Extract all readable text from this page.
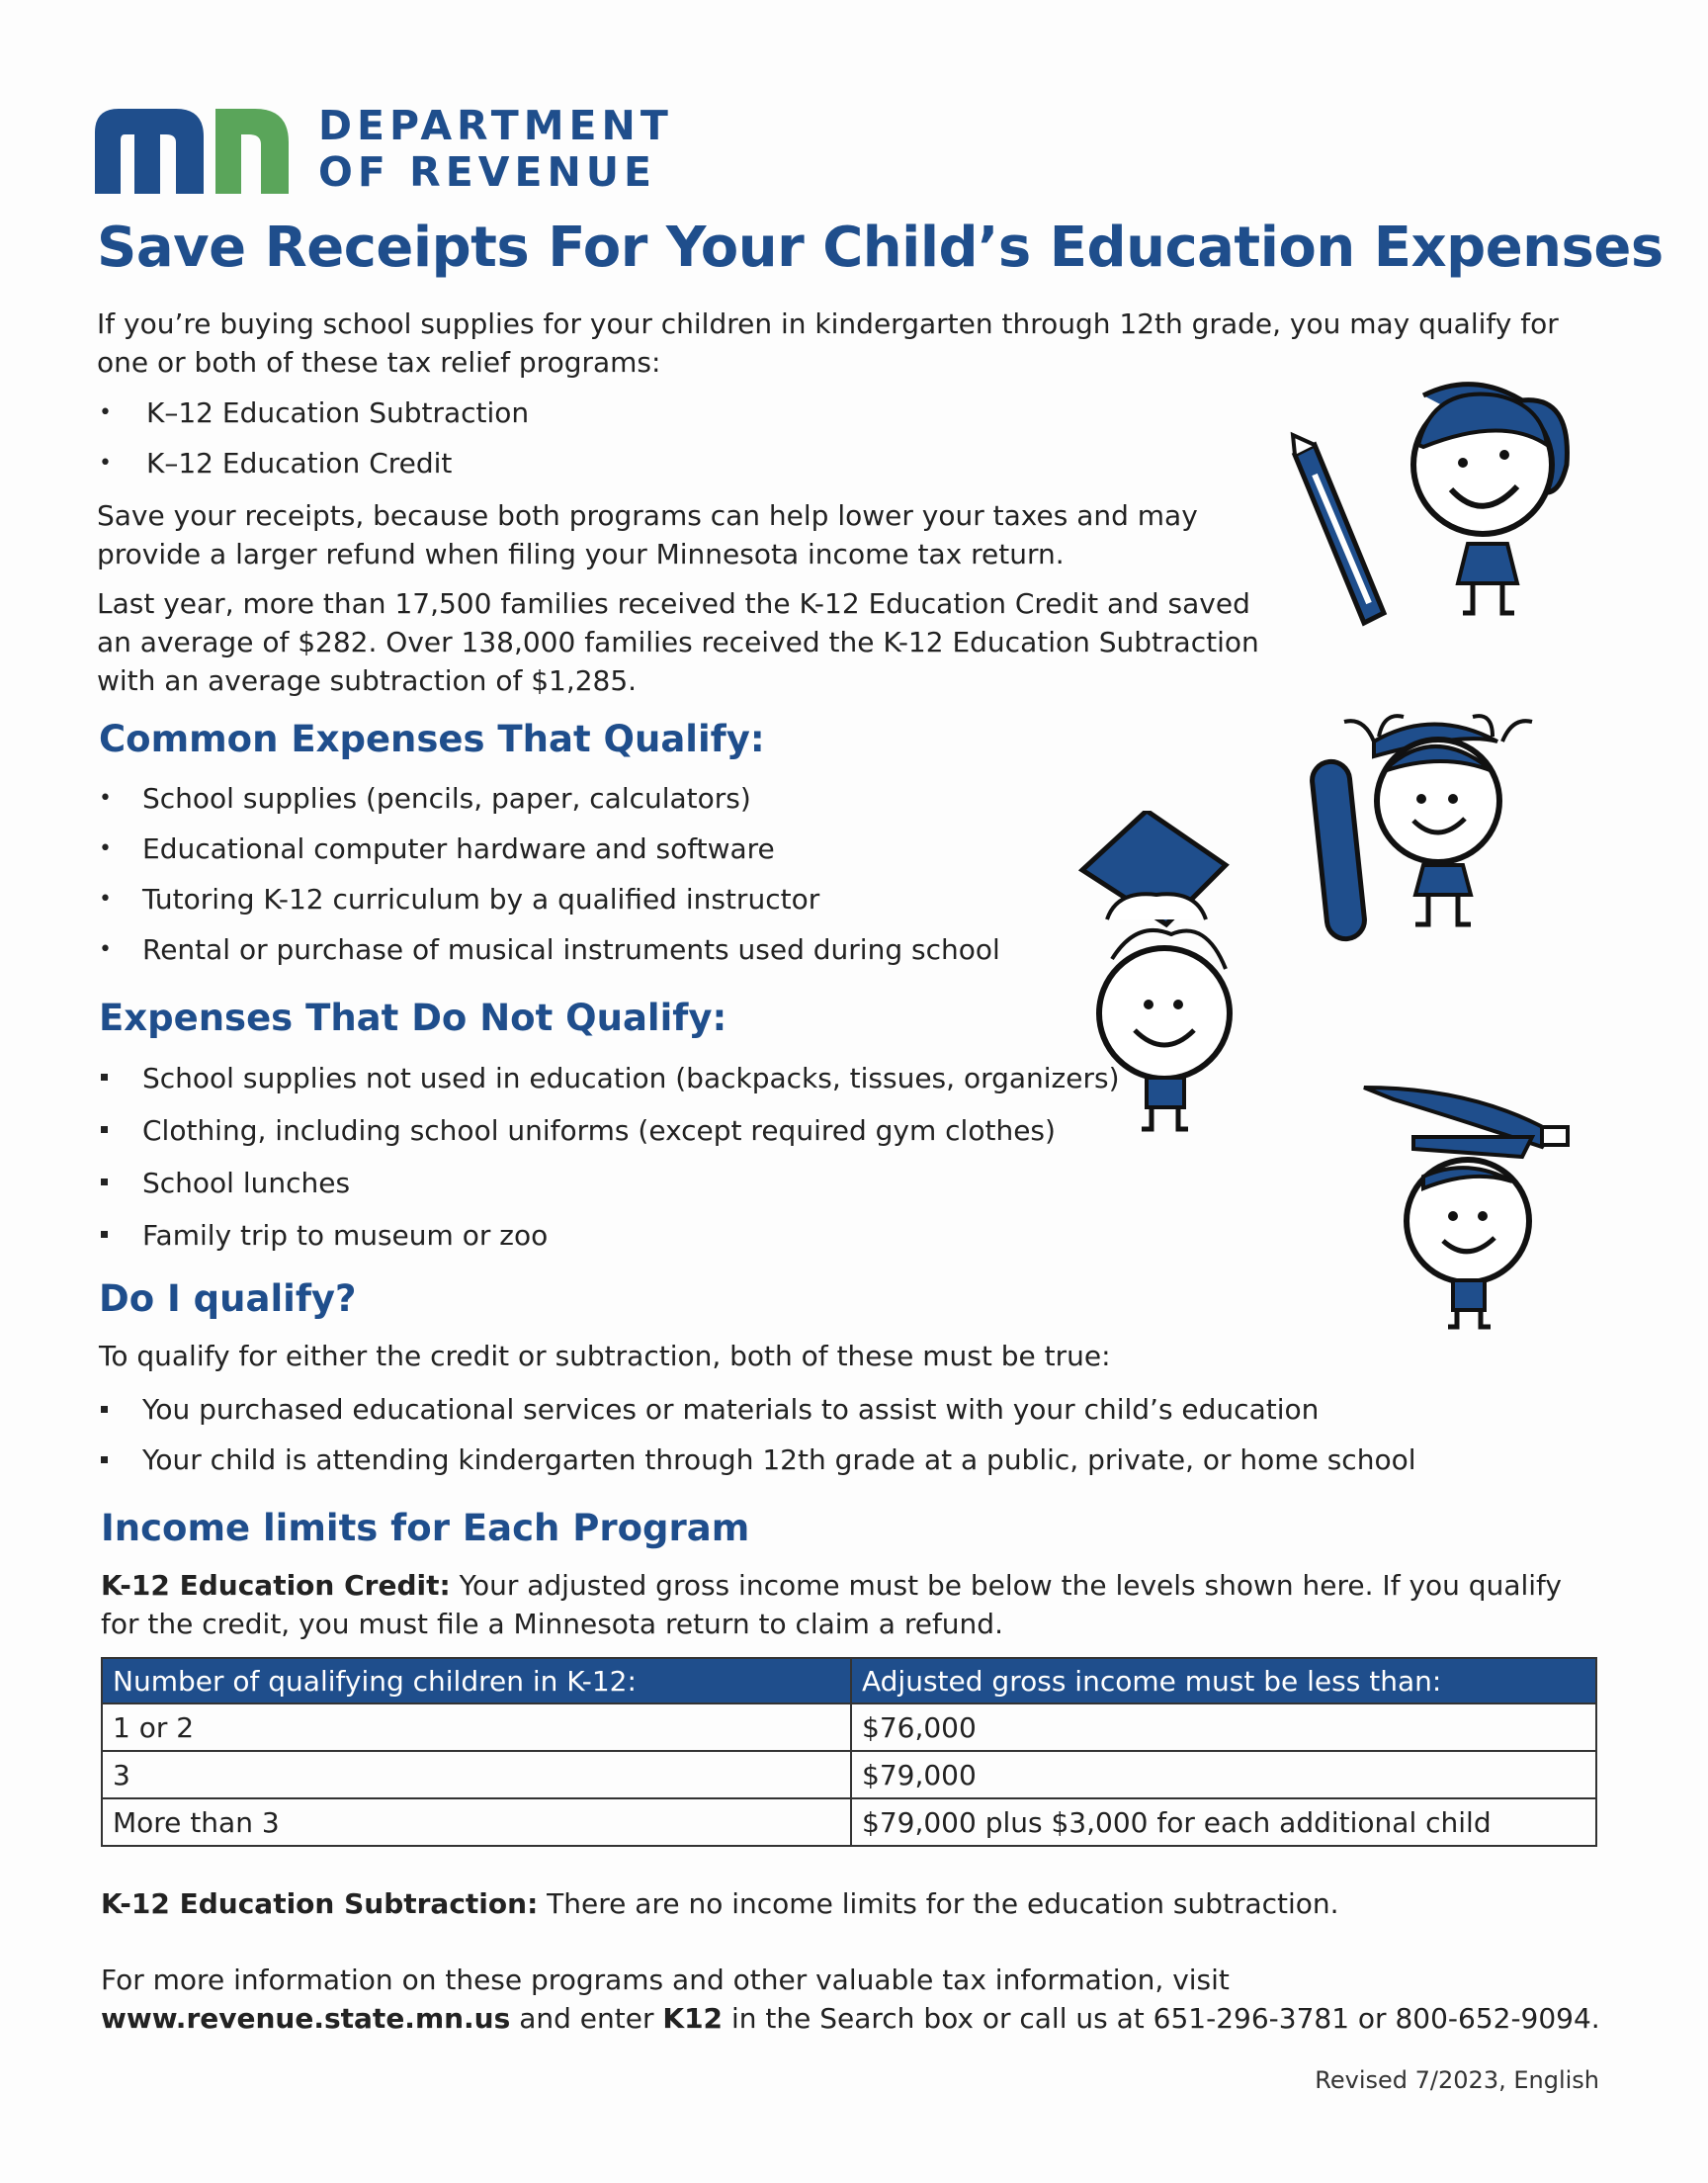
DEPARTMENT
OF REVENUE
Save Receipts For Your Child’s Education Expenses
If you’re buying school supplies for your children in kindergarten through 12th grade, you may qualify for one or both of these tax relief programs:
• K–12 Education Subtraction
• K–12 Education Credit
Save your receipts, because both programs can help lower your taxes and may provide a larger refund when filing your Minnesota income tax return.
Last year, more than 17,500 families received the K-12 Education Credit and saved an average of $282. Over 138,000 families received the K-12 Education Subtraction with an average subtraction of $1,285.
Common Expenses That Qualify:
• School supplies (pencils, paper, calculators)
• Educational computer hardware and software
• Tutoring K-12 curriculum by a qualified instructor
• Rental or purchase of musical instruments used during school
Expenses That Do Not Qualify:
School supplies not used in education (backpacks, tissues, organizers)
Clothing, including school uniforms (except required gym clothes)
School lunches
Family trip to museum or zoo
Do I qualify?
To qualify for either the credit or subtraction, both of these must be true:
You purchased educational services or materials to assist with your child’s education
Your child is attending kindergarten through 12th grade at a public, private, or home school
Income limits for Each Program
K-12 Education Credit: Your adjusted gross income must be below the levels shown here. If you qualify for the credit, you must file a Minnesota return to claim a refund.
Number of qualifying children in K-12:	Adjusted gross income must be less than:
1 or 2	$76,000
3	$79,000
More than 3	$79,000 plus $3,000 for each additional child
K-12 Education Subtraction: There are no income limits for the education subtraction.
For more information on these programs and other valuable tax information, visit www.revenue.state.mn.us and enter K12 in the Search box or call us at 651-296-3781 or 800-652-9094.
Revised 7/2023, English
